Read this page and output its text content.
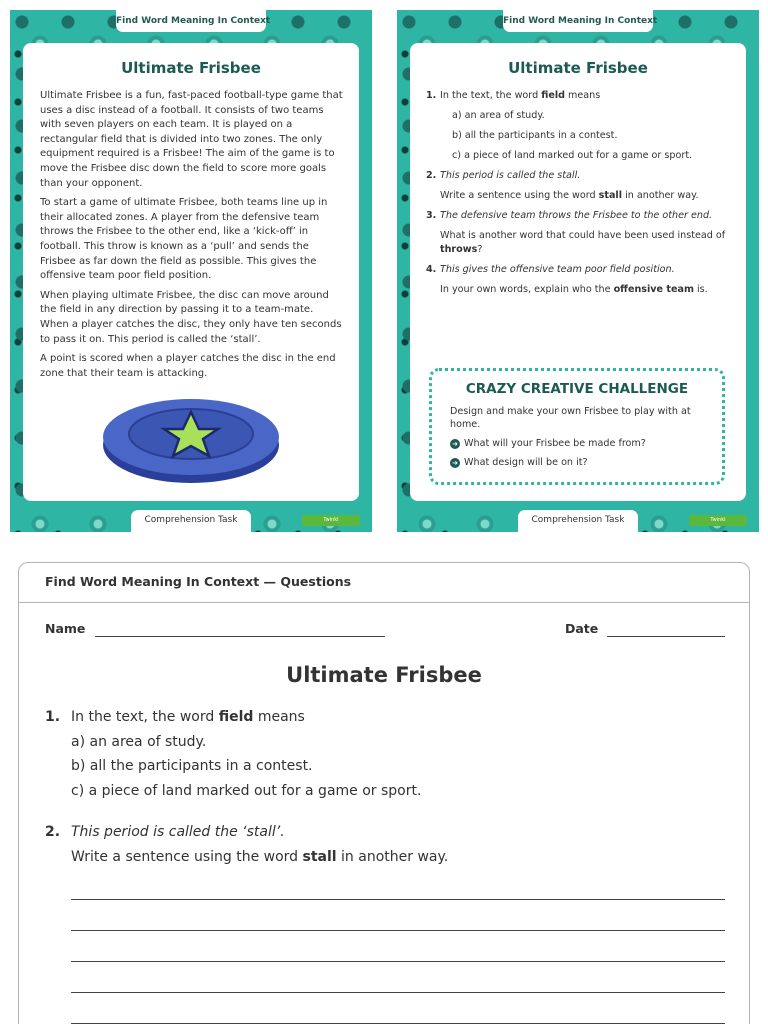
Find Word Meaning In Context
Ultimate Frisbee

Ultimate Frisbee is a fun, fast-paced football-type game that uses a disc instead of a football. It consists of two teams with seven players on each team. It is played on a rectangular field that is divided into two zones. The only equipment required is a Frisbee! The aim of the game is to move the Frisbee disc down the field to score more goals than your opponent.

To start a game of ultimate Frisbee, both teams line up in their allocated zones. A player from the defensive team throws the Frisbee to the other end, like a ‘kick-off’ in football. This throw is known as a ‘pull’ and sends the Frisbee as far down the field as possible. This gives the offensive team poor field position.

When playing ultimate Frisbee, the disc can move around the field in any direction by passing it to a team-mate. When a player catches the disc, they only have ten seconds to pass it on. This period is called the ‘stall’.

A point is scored when a player catches the disc in the end zone that their team is attacking.

Comprehension Task	Twinkl
Find Word Meaning In Context
Ultimate Frisbee
1. In the text, the word field means
a) an area of study.
b) all the participants in a contest.
c) a piece of land marked out for a game or sport.
2. This period is called the stall.
Write a sentence using the word stall in another way.
3. The defensive team throws the Frisbee to the other end.
What is another word that could have been used instead of throws?
4. This gives the offensive team poor field position.
In your own words, explain who the offensive team is.
CRAZY CREATIVE CHALLENGE
Design and make your own Frisbee to play with at home.
➜ What will your Frisbee be made from?
➜ What design will be on it?
Comprehension Task	Twinkl
Find Word Meaning In Context — Questions
Name	Date
Ultimate Frisbee
1. In the text, the word field means
a) an area of study.
b) all the participants in a contest.
c) a piece of land marked out for a game or sport.
2. This period is called the ‘stall’.
Write a sentence using the word stall in another way.
